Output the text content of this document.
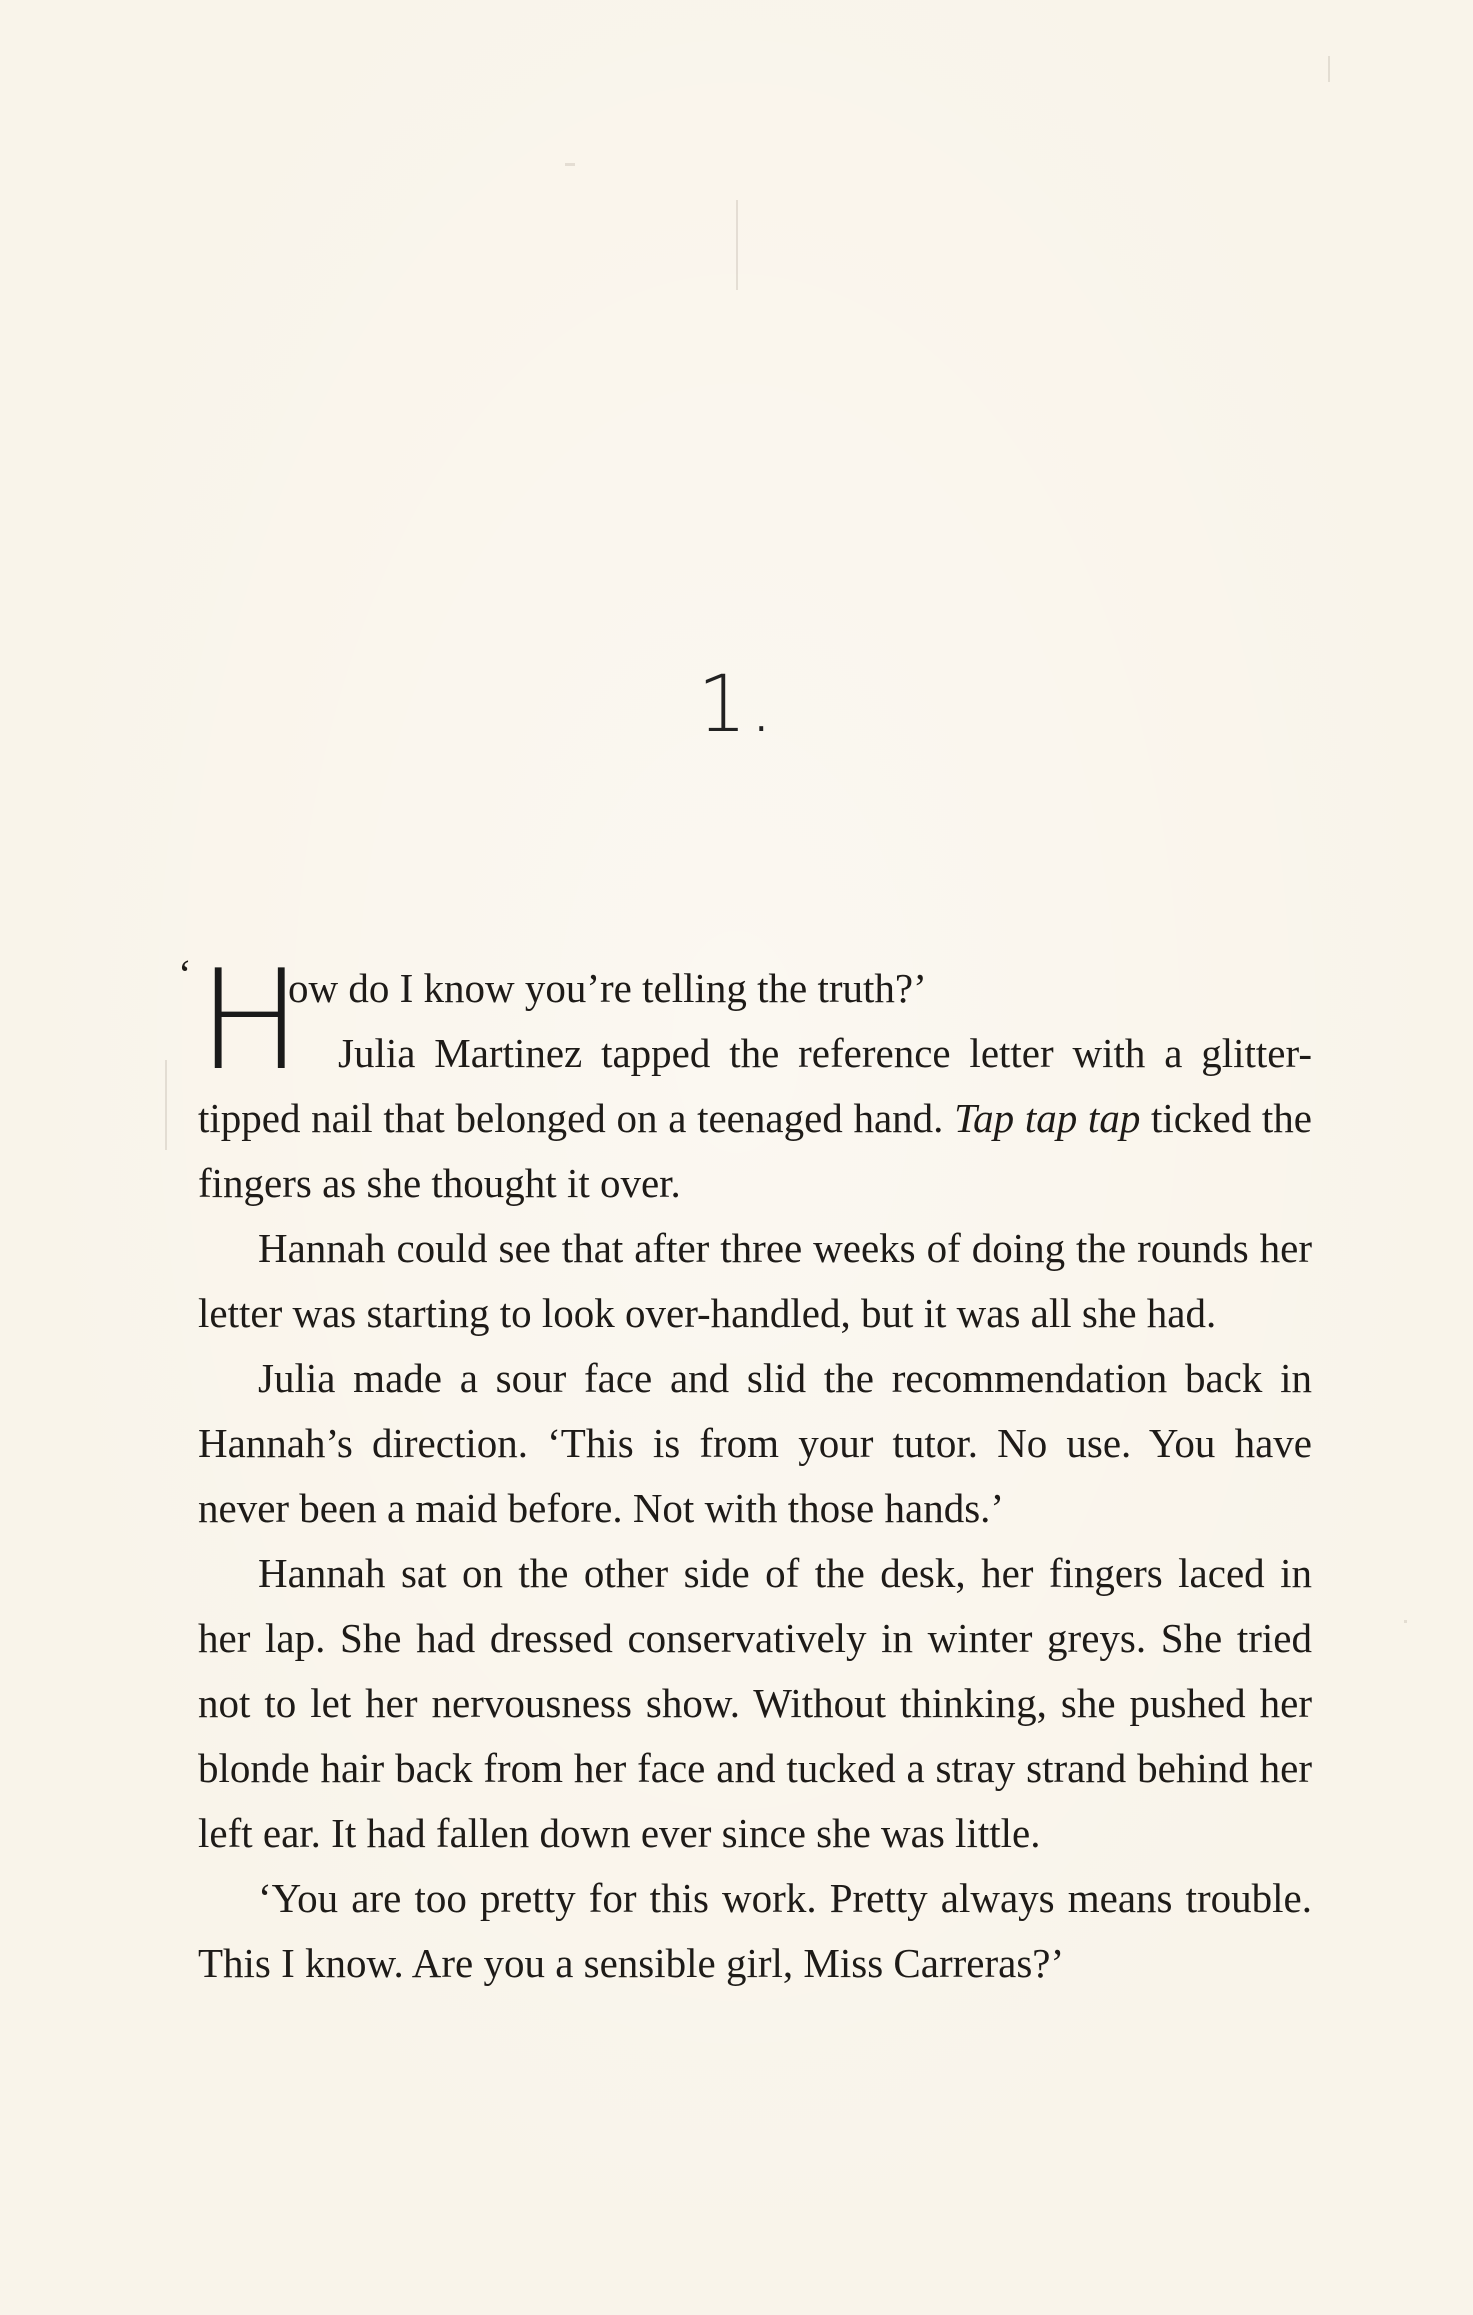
1.

‘ H
ow do I know you’re telling the truth?’

Julia Martinez tapped the reference letter with a glitter-tipped nail that belonged on a teenaged hand. Tap tap tap ticked the fingers as she thought it over.

Hannah could see that after three weeks of doing the rounds her letter was starting to look over-handled, but it was all she had.

Julia made a sour face and slid the recommendation back in Hannah’s direction. ‘This is from your tutor. No use. You have never been a maid before. Not with those hands.’

Hannah sat on the other side of the desk, her fingers laced in her lap. She had dressed conservatively in winter greys. She tried not to let her nervousness show. Without thinking, she pushed her blonde hair back from her face and tucked a stray strand behind her left ear. It had fallen down ever since she was little.

‘You are too pretty for this work. Pretty always means trouble. This I know. Are you a sensible girl, Miss Carreras?’
